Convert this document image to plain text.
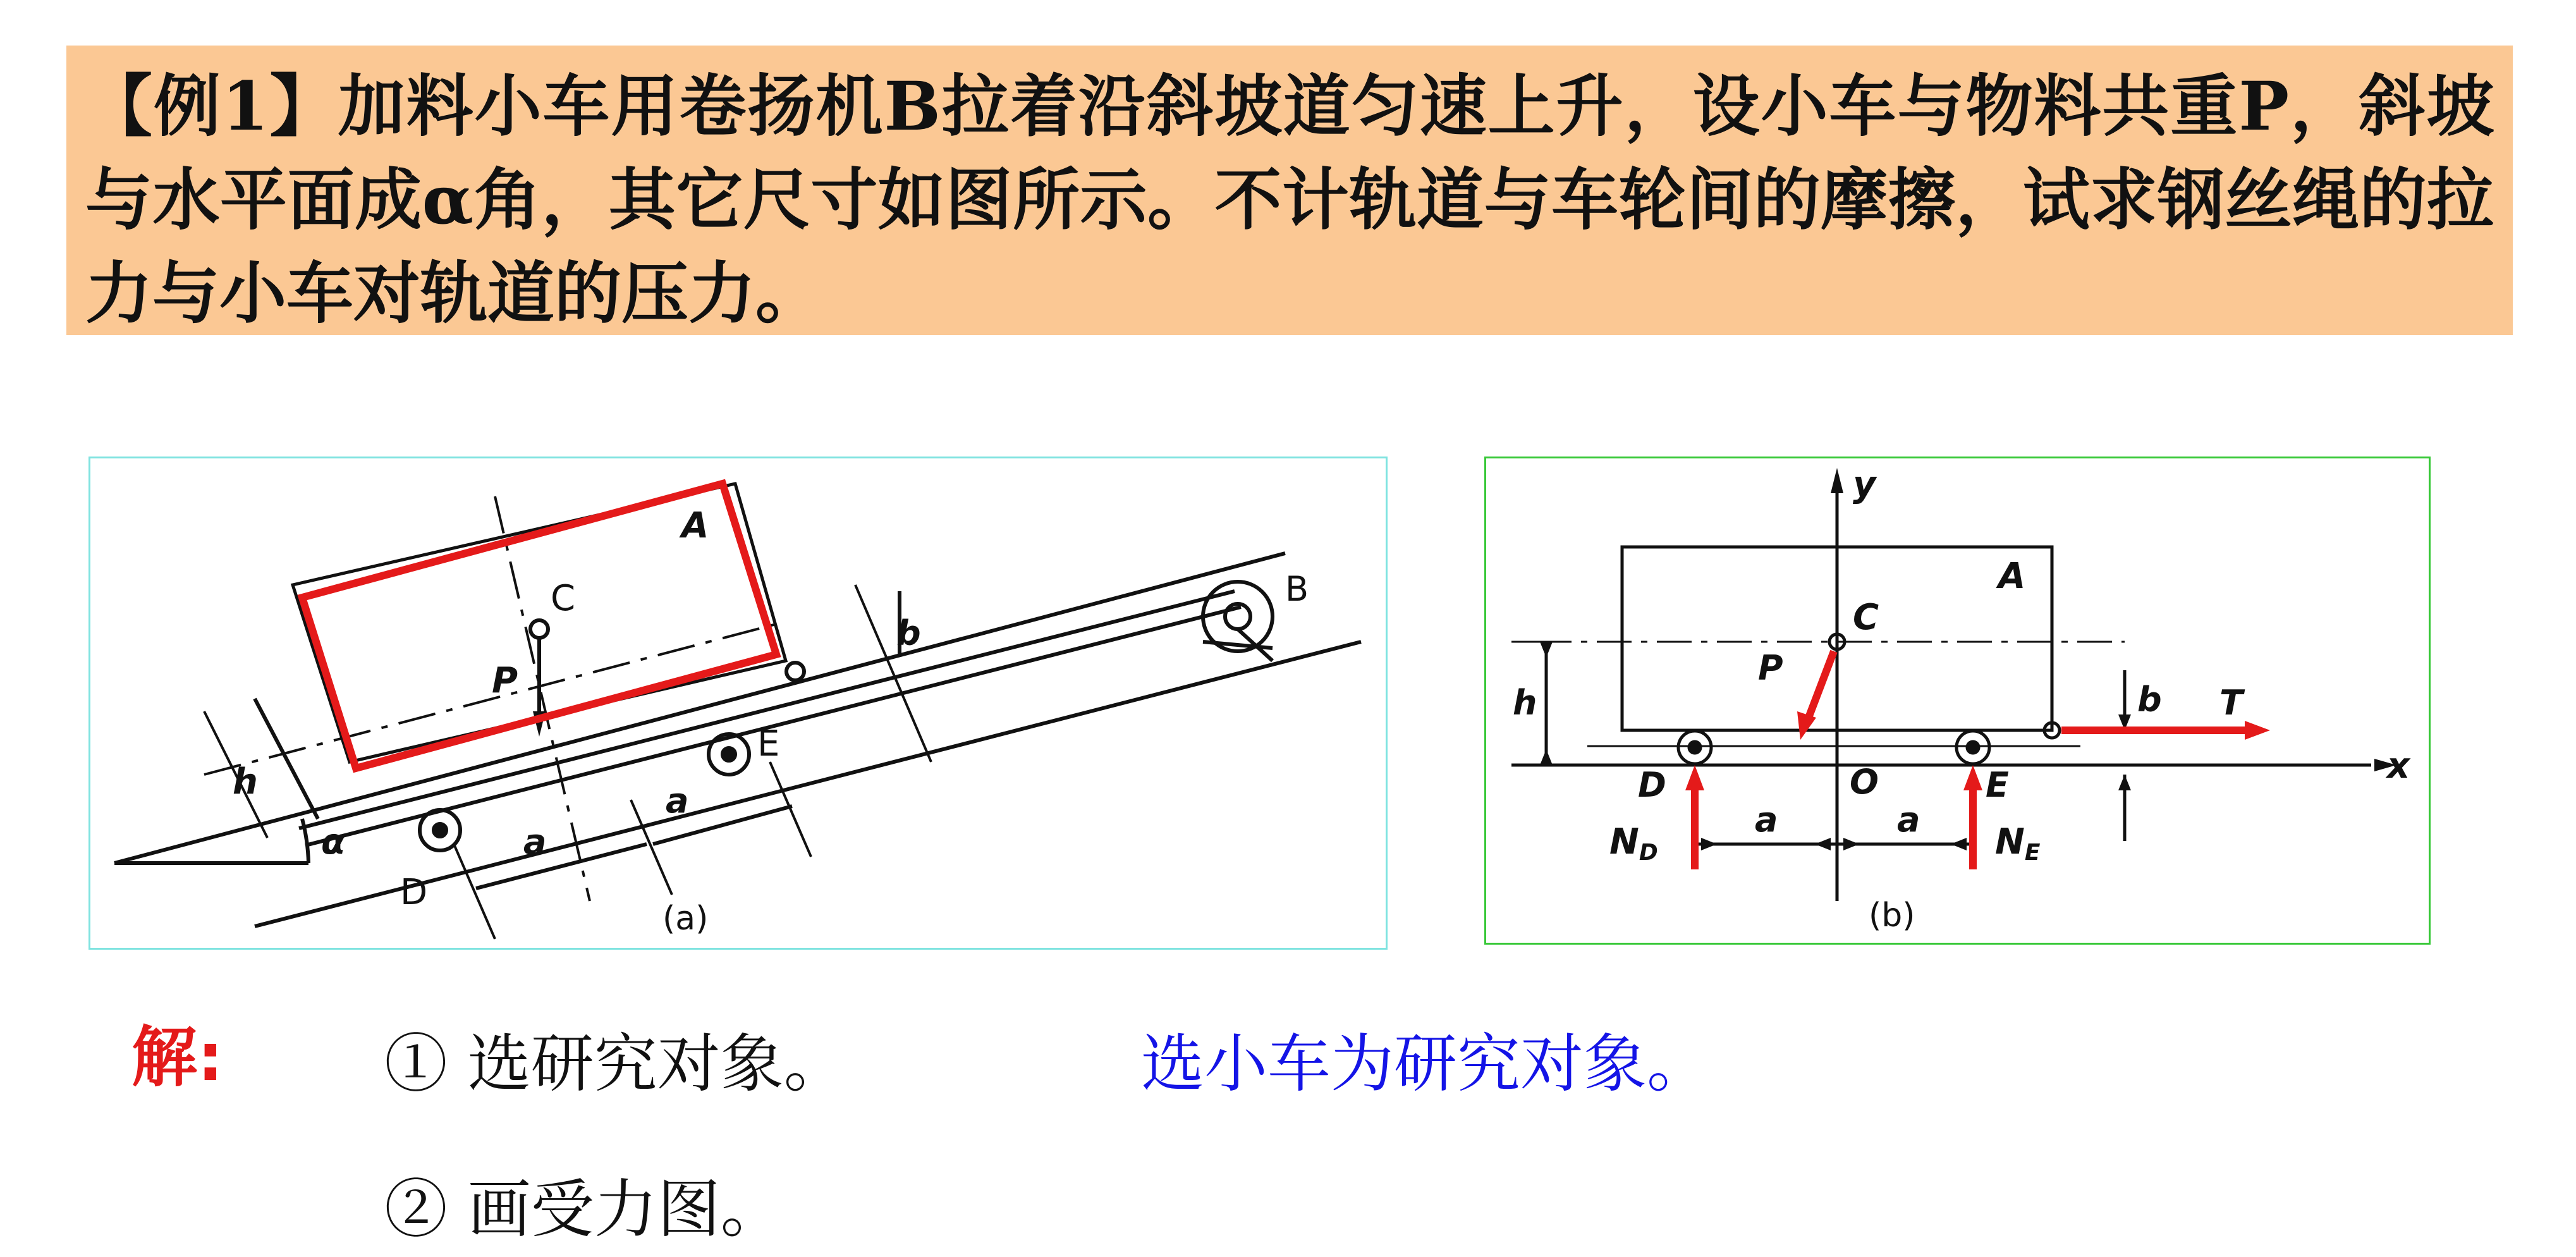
【例1】加料小车用卷扬机B拉着沿斜坡道匀速上升，设小车与物料共重P，斜坡与水平面成α角，其它尺寸如图所示。不计轨道与车轮间的摩擦，试求钢丝绳的拉力与小车对轨道的压力。

A
B
C
D
E
P
h
b
a
a
α
(a)
A
C
D	E
O
P
T
h	b
a	a
x
y
ND	NE
(b)
解:	① 选研究对象。	选小车为研究对象。
② 画受力图。
